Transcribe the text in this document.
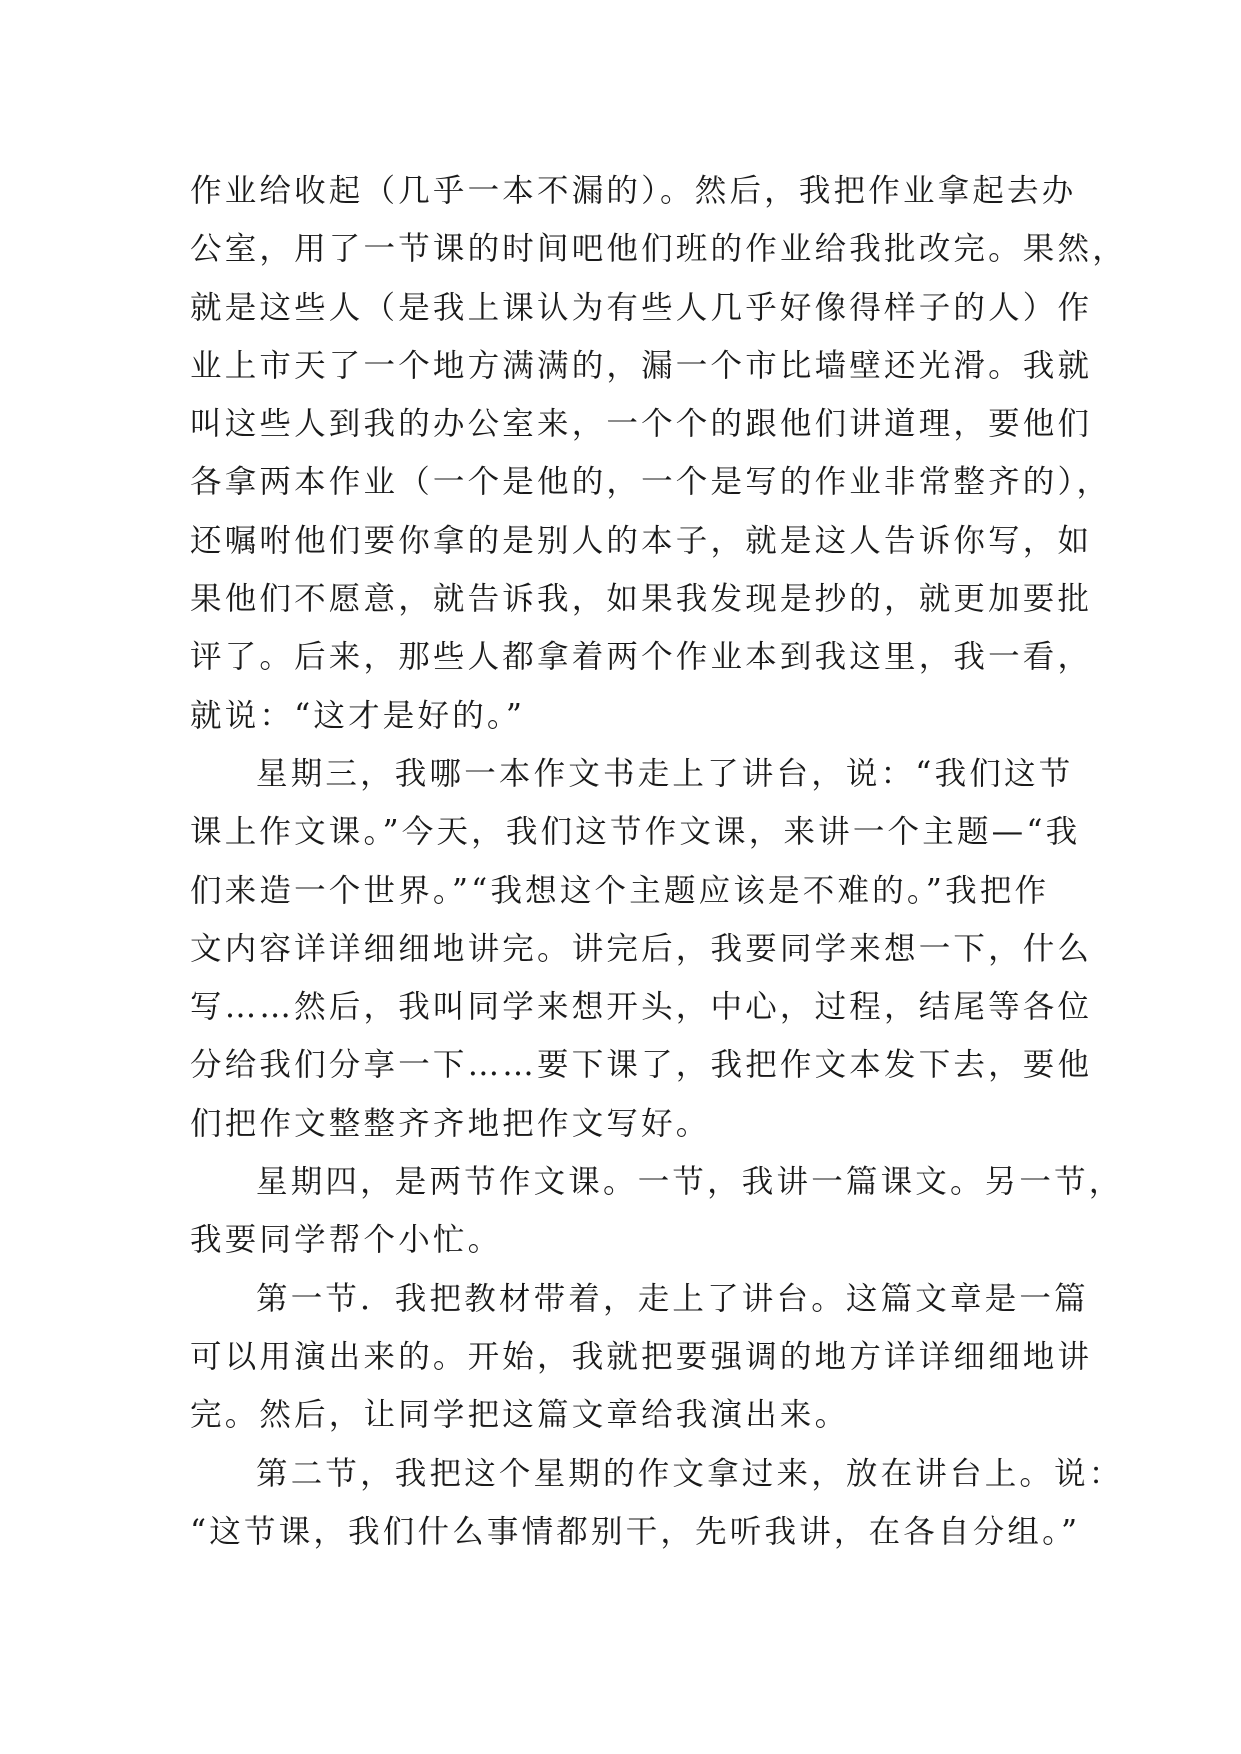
作业给收起（几乎一本不漏的）。然后，我把作业拿起去办
公室，用了一节课的时间吧他们班的作业给我批改完。果然，
就是这些人（是我上课认为有些人几乎好像得样子的人）作
业上市天了一个地方满满的，漏一个市比墙壁还光滑。我就
叫这些人到我的办公室来，一个个的跟他们讲道理，要他们
各拿两本作业（一个是他的，一个是写的作业非常整齐的），
还嘱咐他们要你拿的是别人的本子，就是这人告诉你写，如
果他们不愿意，就告诉我，如果我发现是抄的，就更加要批
评了。后来，那些人都拿着两个作业本到我这里，我一看，
就说：“这才是好的。”
星期三，我哪一本作文书走上了讲台，说：“我们这节
课上作文课。”今天，我们这节作文课，来讲一个主题—“我
们来造一个世界。”“我想这个主题应该是不难的。”我把作
文内容详详细细地讲完。讲完后，我要同学来想一下，什么
写……然后，我叫同学来想开头，中心，过程，结尾等各位
分给我们分享一下……要下课了，我把作文本发下去，要他
们把作文整整齐齐地把作文写好。
星期四，是两节作文课。一节，我讲一篇课文。另一节，
我要同学帮个小忙。
第一节．我把教材带着，走上了讲台。这篇文章是一篇
可以用演出来的。开始，我就把要强调的地方详详细细地讲
完。然后，让同学把这篇文章给我演出来。
第二节，我把这个星期的作文拿过来，放在讲台上。说：
“这节课，我们什么事情都别干，先听我讲，在各自分组。”
